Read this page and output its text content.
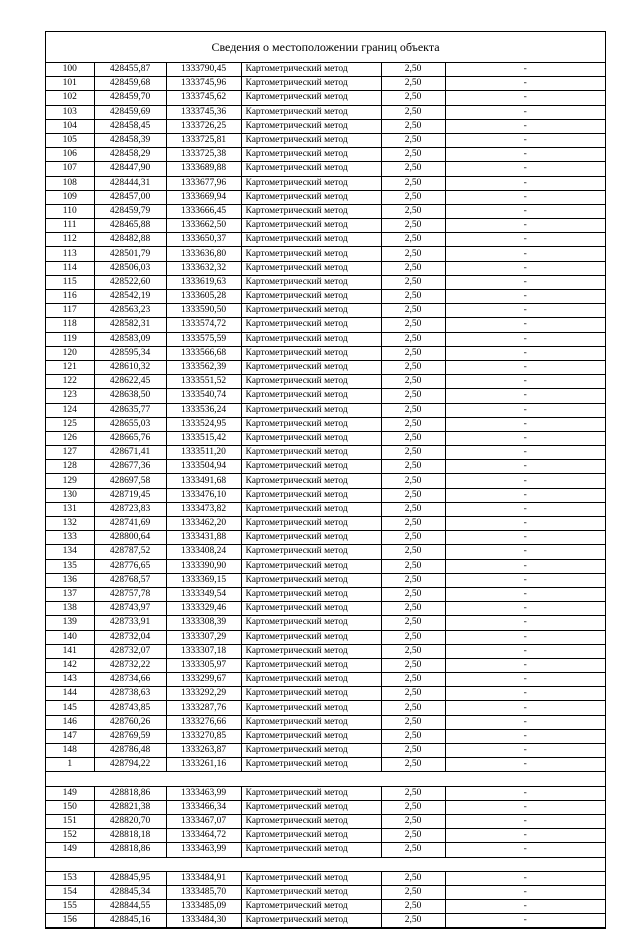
Сведения о местоположении границ объекта
100	428455,87	1333790,45	Картометрический метод	2,50	-
101	428459,68	1333745,96	Картометрический метод	2,50	-
102	428459,70	1333745,62	Картометрический метод	2,50	-
103	428459,69	1333745,36	Картометрический метод	2,50	-
104	428458,45	1333726,25	Картометрический метод	2,50	-
105	428458,39	1333725,81	Картометрический метод	2,50	-
106	428458,29	1333725,38	Картометрический метод	2,50	-
107	428447,90	1333689,88	Картометрический метод	2,50	-
108	428444,31	1333677,96	Картометрический метод	2,50	-
109	428457,00	1333669,94	Картометрический метод	2,50	-
110	428459,79	1333666,45	Картометрический метод	2,50	-
111	428465,88	1333662,50	Картометрический метод	2,50	-
112	428482,88	1333650,37	Картометрический метод	2,50	-
113	428501,79	1333636,80	Картометрический метод	2,50	-
114	428506,03	1333632,32	Картометрический метод	2,50	-
115	428522,60	1333619,63	Картометрический метод	2,50	-
116	428542,19	1333605,28	Картометрический метод	2,50	-
117	428563,23	1333590,50	Картометрический метод	2,50	-
118	428582,31	1333574,72	Картометрический метод	2,50	-
119	428583,09	1333575,59	Картометрический метод	2,50	-
120	428595,34	1333566,68	Картометрический метод	2,50	-
121	428610,32	1333562,39	Картометрический метод	2,50	-
122	428622,45	1333551,52	Картометрический метод	2,50	-
123	428638,50	1333540,74	Картометрический метод	2,50	-
124	428635,77	1333536,24	Картометрический метод	2,50	-
125	428655,03	1333524,95	Картометрический метод	2,50	-
126	428665,76	1333515,42	Картометрический метод	2,50	-
127	428671,41	1333511,20	Картометрический метод	2,50	-
128	428677,36	1333504,94	Картометрический метод	2,50	-
129	428697,58	1333491,68	Картометрический метод	2,50	-
130	428719,45	1333476,10	Картометрический метод	2,50	-
131	428723,83	1333473,82	Картометрический метод	2,50	-
132	428741,69	1333462,20	Картометрический метод	2,50	-
133	428800,64	1333431,88	Картометрический метод	2,50	-
134	428787,52	1333408,24	Картометрический метод	2,50	-
135	428776,65	1333390,90	Картометрический метод	2,50	-
136	428768,57	1333369,15	Картометрический метод	2,50	-
137	428757,78	1333349,54	Картометрический метод	2,50	-
138	428743,97	1333329,46	Картометрический метод	2,50	-
139	428733,91	1333308,39	Картометрический метод	2,50	-
140	428732,04	1333307,29	Картометрический метод	2,50	-
141	428732,07	1333307,18	Картометрический метод	2,50	-
142	428732,22	1333305,97	Картометрический метод	2,50	-
143	428734,66	1333299,67	Картометрический метод	2,50	-
144	428738,63	1333292,29	Картометрический метод	2,50	-
145	428743,85	1333287,76	Картометрический метод	2,50	-
146	428760,26	1333276,66	Картометрический метод	2,50	-
147	428769,59	1333270,85	Картометрический метод	2,50	-
148	428786,48	1333263,87	Картометрический метод	2,50	-
1	428794,22	1333261,16	Картометрический метод	2,50	-

149	428818,86	1333463,99	Картометрический метод	2,50	-
150	428821,38	1333466,34	Картометрический метод	2,50	-
151	428820,70	1333467,07	Картометрический метод	2,50	-
152	428818,18	1333464,72	Картометрический метод	2,50	-
149	428818,86	1333463,99	Картометрический метод	2,50	-

153	428845,95	1333484,91	Картометрический метод	2,50	-
154	428845,34	1333485,70	Картометрический метод	2,50	-
155	428844,55	1333485,09	Картометрический метод	2,50	-
156	428845,16	1333484,30	Картометрический метод	2,50	-
